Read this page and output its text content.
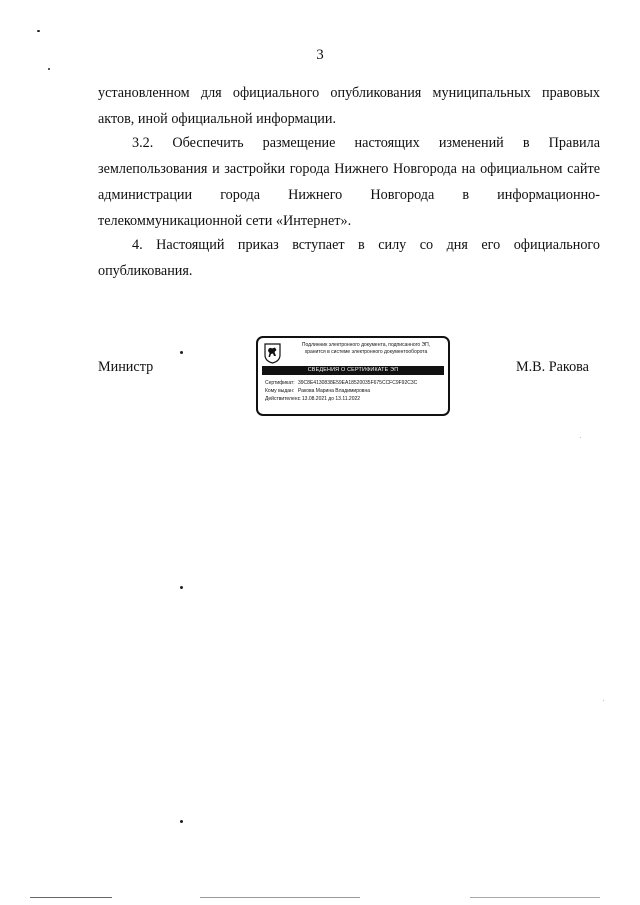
3
установленном для официального опубликования муниципальных правовых актов, иной официальной информации.
3.2. Обеспечить размещение настоящих изменений в Правила землепользования и застройки города Нижнего Новгорода на официальном сайте администрации города Нижнего Новгорода в информационно-телекоммуникационной сети «Интернет».
4. Настоящий приказ вступает в силу со дня его официального опубликования.
Министр	М.В. Ракова
Подлинник электронного документа, подписанного ЭП,
хранится в системе электронного документооборота
СВЕДЕНИЯ О СЕРТИФИКАТЕ ЭП
Сертификат: 39C8E4130838E59EA18520035F675CCFC9F92C3C
Кому выдан: Ракова Марина Владимировна
Действителен:с 13.08.2021 до 13.11.2022
